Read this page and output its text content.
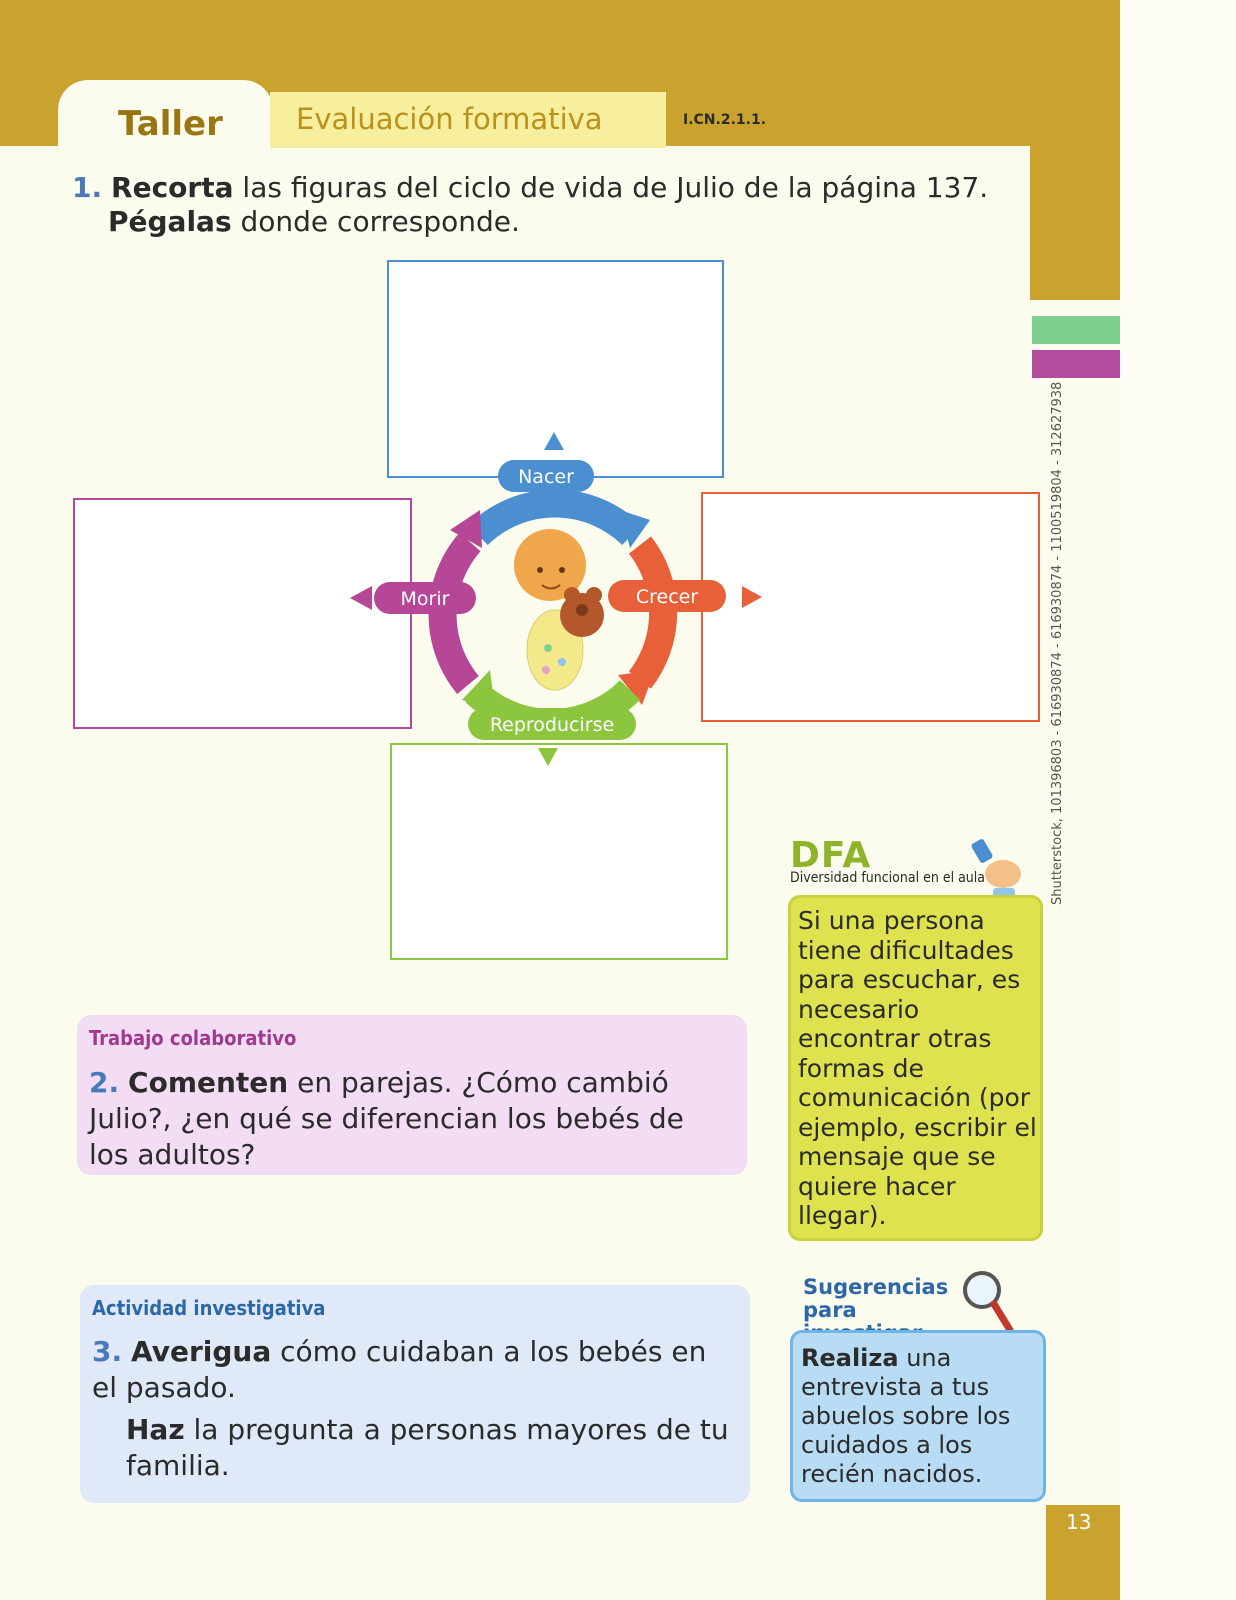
Taller	Evaluación formativa	I.CN.2.1.1.
1. Recorta las figuras del ciclo de vida de Julio de la página 137.
Pégalas donde corresponde.
Nacer
Crecer
Reproducirse
Morir
Trabajo colaborativo
2. Comenten en parejas. ¿Cómo cambió Julio?, ¿en qué se diferencian los bebés de los adultos?
Actividad investigativa
3. Averigua cómo cuidaban a los bebés en el pasado.
Haz la pregunta a personas mayores de tu familia.
DFA
Diversidad funcional en el aula
Si una persona tiene dificultades para escuchar, es necesario encontrar otras formas de comunicación (por ejemplo, escribir el mensaje que se quiere hacer llegar).
Sugerencias para
Realiza una entrevista a tus abuelos sobre los cuidados a los recién nacidos.
Shutterstock, 101396803 - 616930874 - 616930874 - 1100519804 - 312627938
13
